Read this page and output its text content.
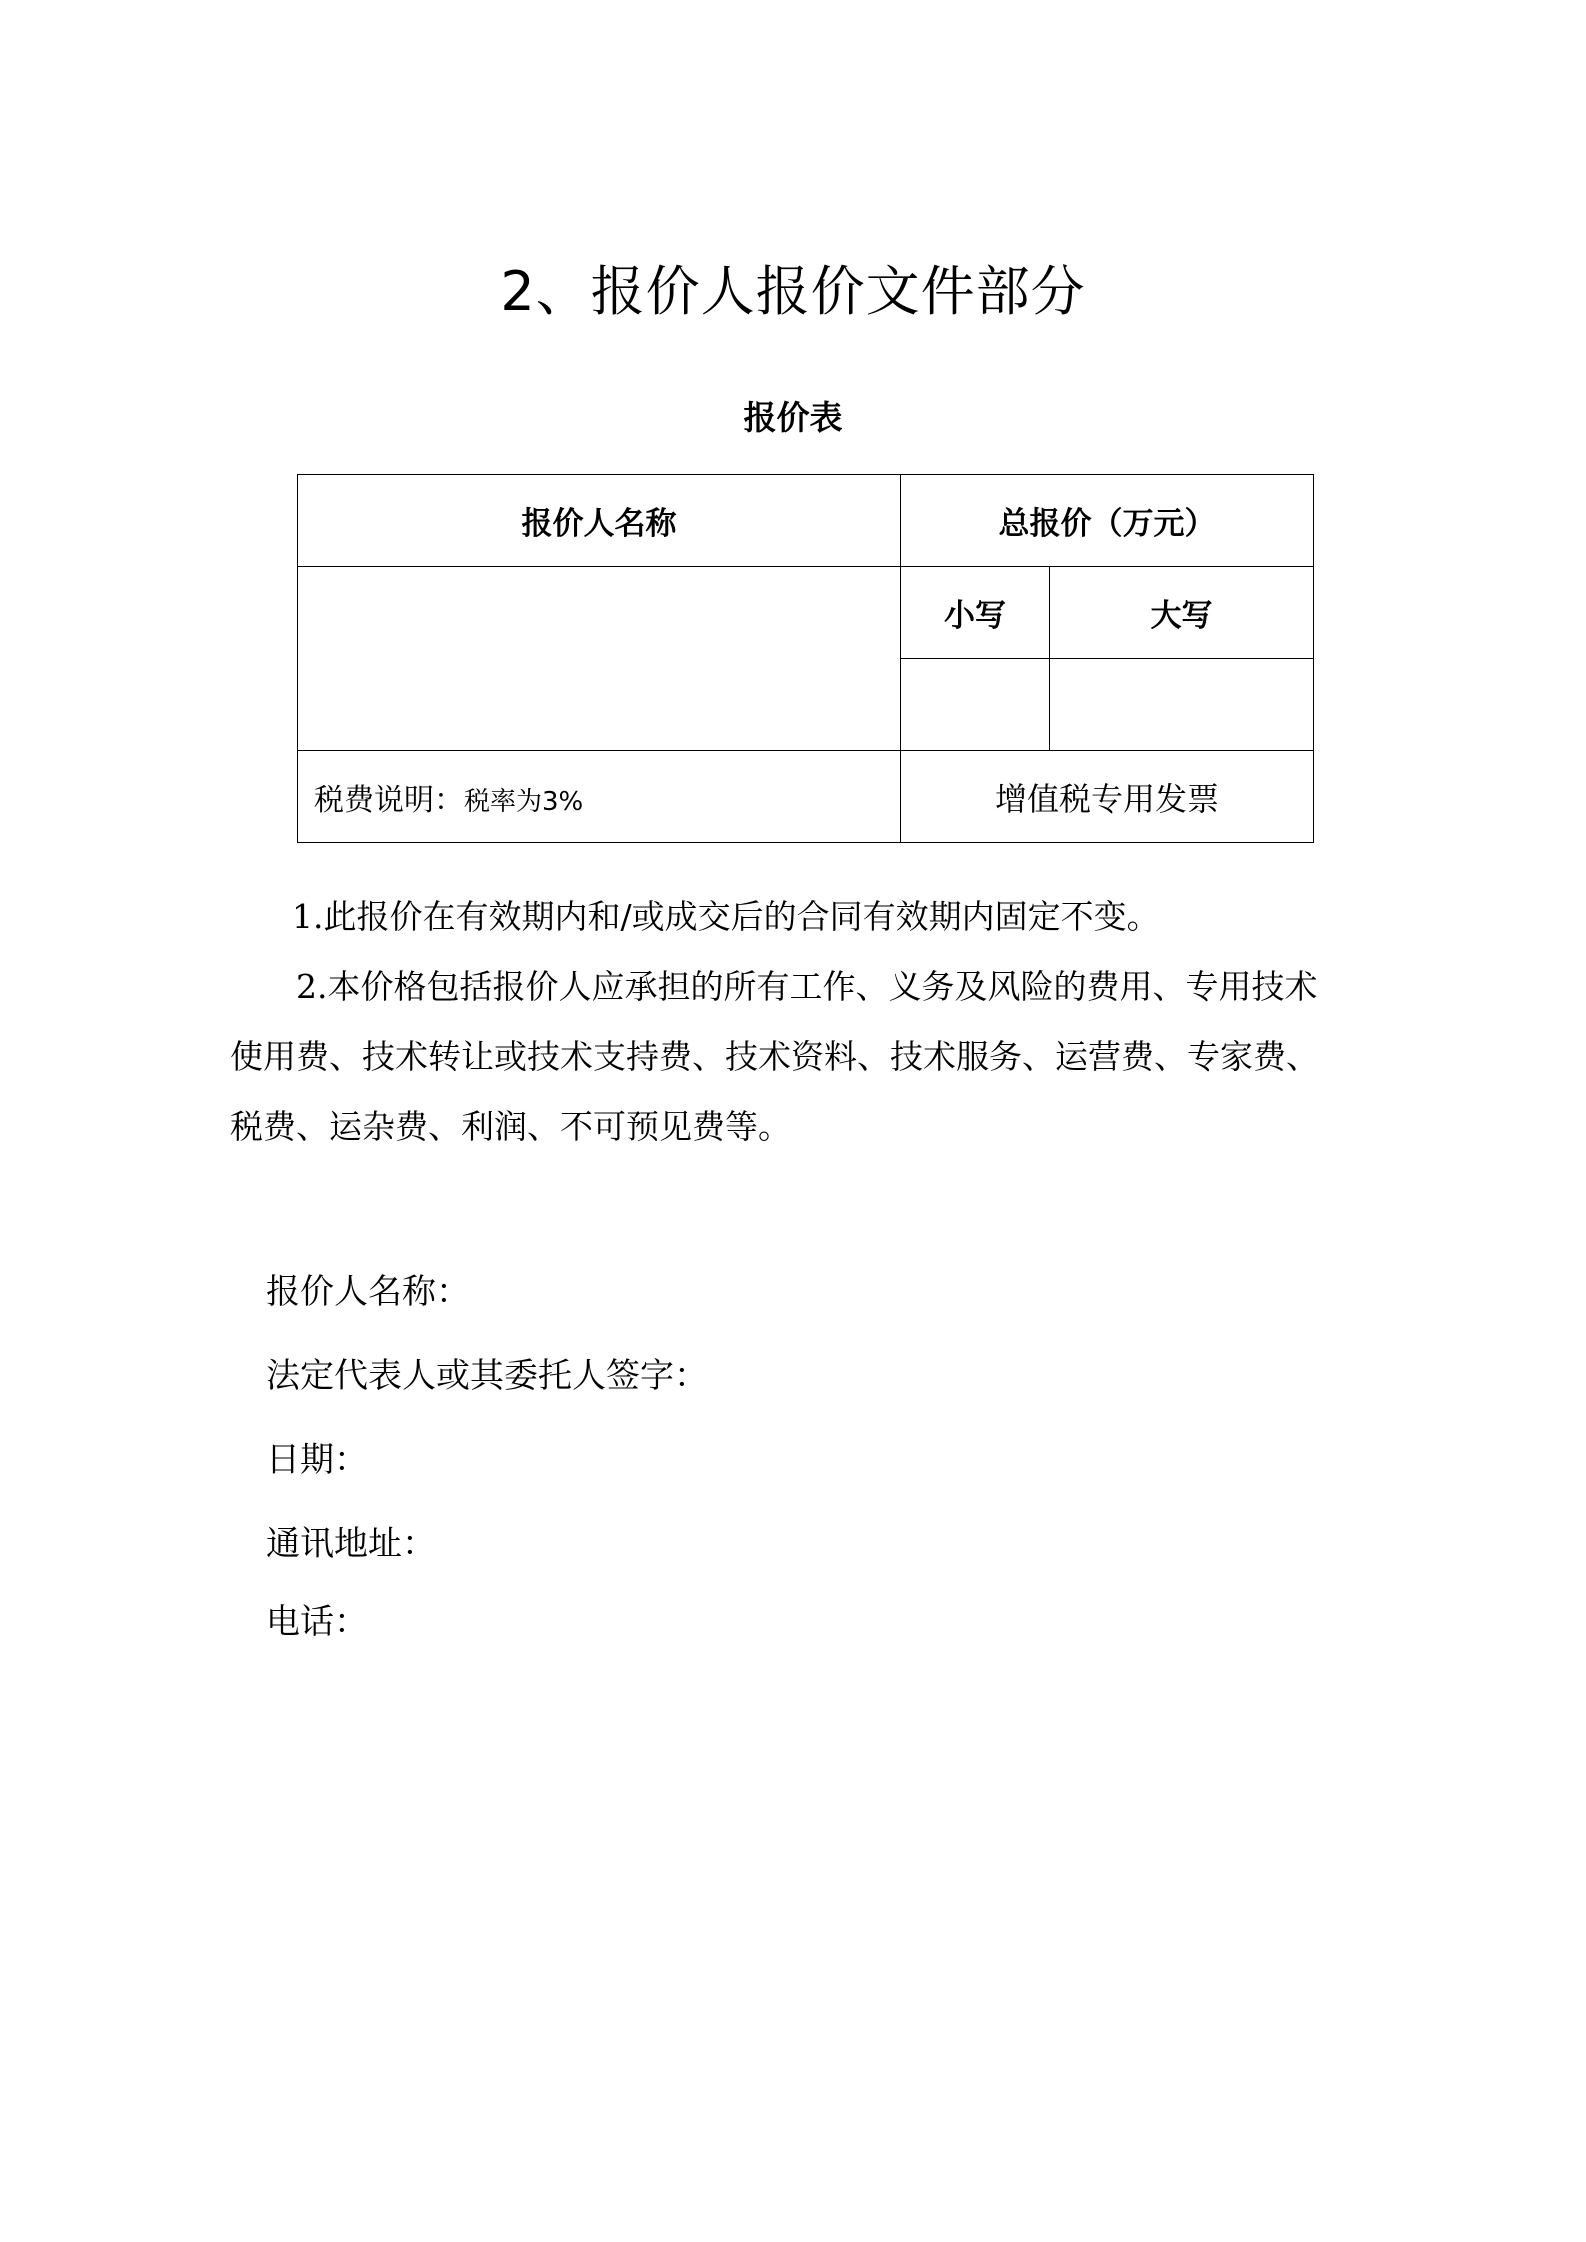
2、报价人报价文件部分
报价表
报价人名称	总报价（万元）	
	小写	大写

税费说明：税率为3%	增值税专用发票	

1.此报价在有效期内和/或成交后的合同有效期内固定不变。

2.本价格包括报价人应承担的所有工作、义务及风险的费用、专用技术使用费、技术转让或技术支持费、技术资料、技术服务、运营费、专家费、税费、运杂费、利润、不可预见费等。

报价人名称：
法定代表人或其委托人签字：
日期：
通讯地址：
电话：
